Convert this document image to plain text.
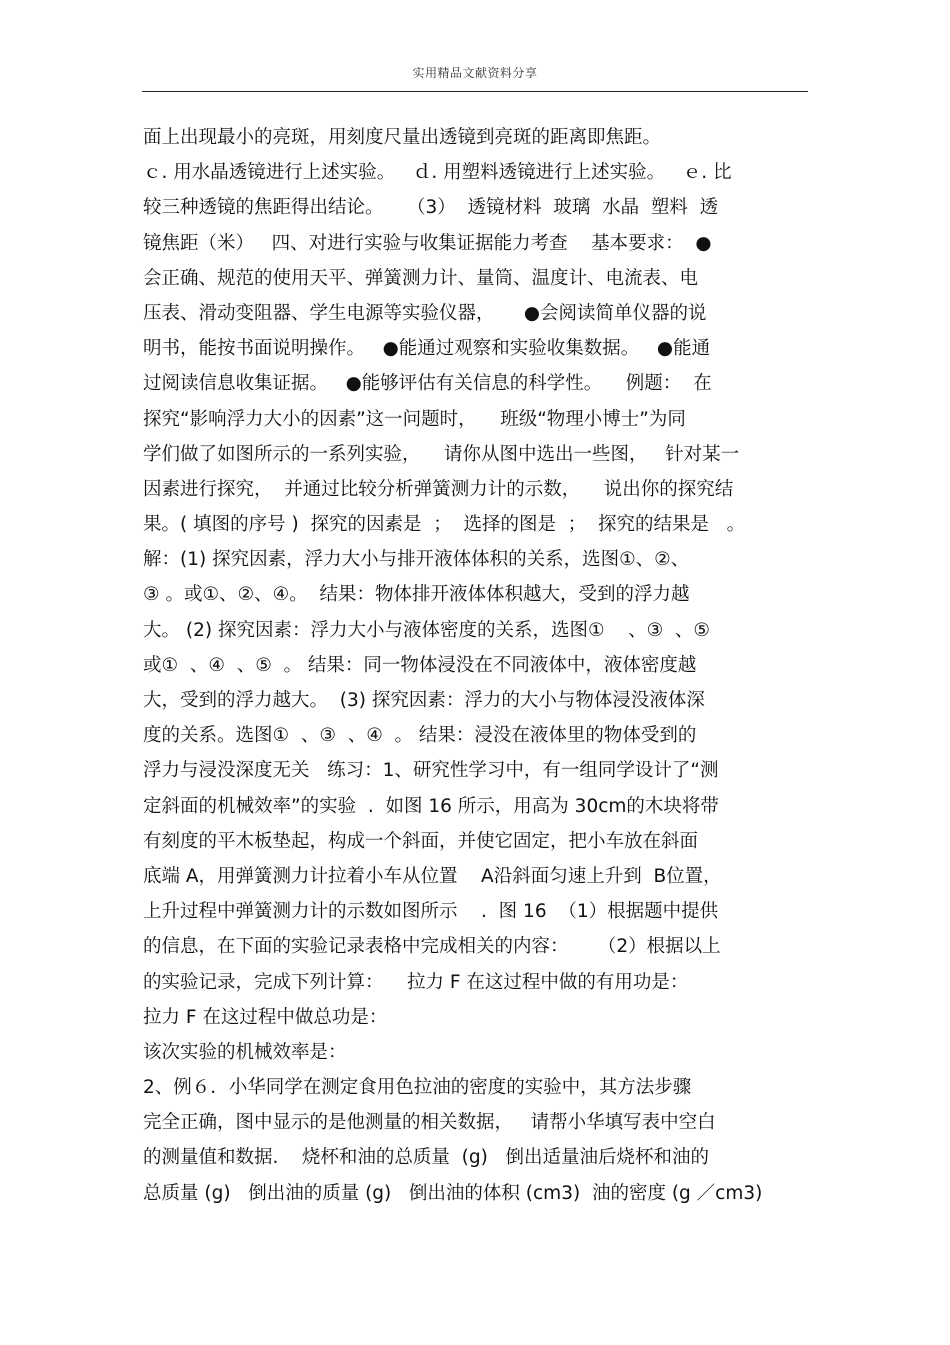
实用精品文献资料分享
面上出现最小的亮斑，用刻度尺量出透镜到亮斑的距离即焦距。
ｃ. 用水晶透镜进行上述实验。   ｄ. 用塑料透镜进行上述实验。   ｅ. 比
较三种透镜的焦距得出结论。    （3）  透镜材料  玻璃  水晶  塑料  透
镜焦距（米）   四、对进行实验与收集证据能力考查    基本要求：  ●
会正确、规范的使用天平、弹簧测力计、量筒、温度计、电流表、电
压表、滑动变阻器、学生电源等实验仪器，     ●会阅读简单仪器的说
明书，能按书面说明操作。   ●能通过观察和实验收集数据。   ●能通
过阅读信息收集证据。   ●能够评估有关信息的科学性。    例题：  在
探究“影响浮力大小的因素”这一问题时，    班级“物理小博士”为同
学们做了如图所示的一系列实验，    请你从图中选出一些图，   针对某一
因素进行探究，  并通过比较分析弹簧测力计的示数，    说出你的探究结
果。( 填图的序号 )  探究的因素是  ；  选择的图是  ；  探究的结果是   。
解：(1) 探究因素，浮力大小与排开液体体积的关系，选图①、②、
③ 。或①、②、④。  结果：物体排开液体体积越大，受到的浮力越
大。 (2) 探究因素：浮力大小与液体密度的关系，选图①    、③  、⑤
或①  、④  、⑤  。 结果：同一物体浸没在不同液体中，液体密度越
大，受到的浮力越大。  (3) 探究因素：浮力的大小与物体浸没液体深
度的关系。选图①  、③  、④  。 结果：浸没在液体里的物体受到的
浮力与浸没深度无关   练习：1、研究性学习中，有一组同学设计了“测
定斜面的机械效率”的实验  .  如图 16 所示，用高为 30cm的木块将带
有刻度的平木板垫起，构成一个斜面，并使它固定，把小车放在斜面
底端 A，用弹簧测力计拉着小车从位置    A沿斜面匀速上升到  B位置，
上升过程中弹簧测力计的示数如图所示    .  图 16  （1）根据题中提供
的信息，在下面的实验记录表格中完成相关的内容：     （2）根据以上
的实验记录，完成下列计算：    拉力 F 在这过程中做的有用功是：
拉力 F 在这过程中做总功是：
该次实验的机械效率是：
2、例６．小华同学在测定食用色拉油的密度的实验中，其方法步骤
完全正确，图中显示的是他测量的相关数据，   请帮小华填写表中空白
的测量值和数据.    烧杯和油的总质量  (g)   倒出适量油后烧杯和油的
总质量 (g)   倒出油的质量 (g)   倒出油的体积 (cm3)  油的密度 (g ／cm3)
